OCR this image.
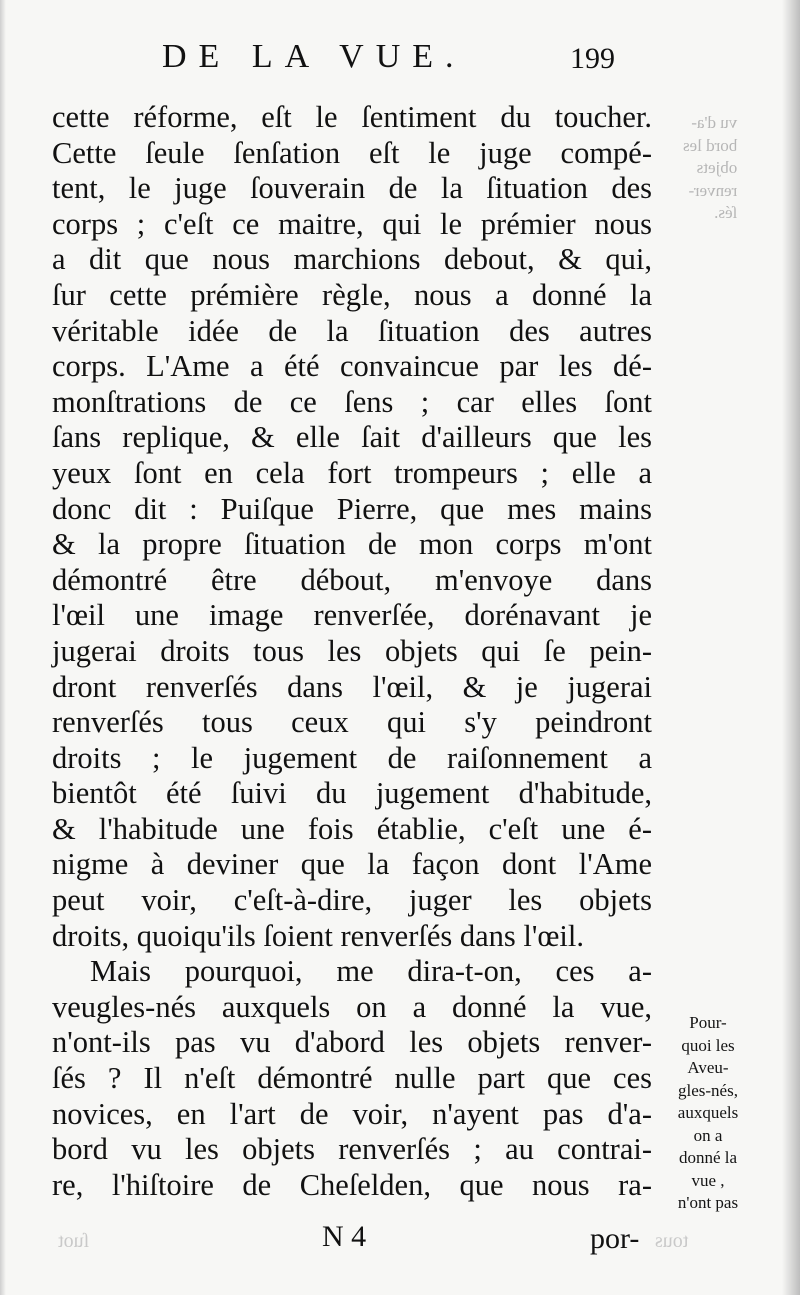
DE LA VUE.	199
vu d'a-
bord les
objets
renver-
ſés.
cette réforme, eſt le ſentiment du toucher.
Cette ſeule ſenſation eſt le juge compé-
tent, le juge ſouverain de la ſituation des
corps ; c'eſt ce maitre, qui le prémier nous
a dit que nous marchions debout, & qui,
ſur cette prémière règle, nous a donné la
véritable idée de la ſituation des autres
corps. L'Ame a été convaincue par les dé-
monſtrations de ce ſens ; car elles ſont
ſans replique, & elle ſait d'ailleurs que les
yeux ſont en cela fort trompeurs ; elle a
donc dit : Puiſque Pierre, que mes mains
& la propre ſituation de mon corps m'ont
démontré être débout, m'envoye dans
l'œil une image renverſée, dorénavant je
jugerai droits tous les objets qui ſe pein-
dront renverſés dans l'œil, & je jugerai
renverſés tous ceux qui s'y peindront
droits ; le jugement de raiſonnement a
bientôt été ſuivi du jugement d'habitude,
& l'habitude une fois établie, c'eſt une é-
nigme à deviner que la façon dont l'Ame
peut voir, c'eſt-à-dire, juger les objets
droits, quoiqu'ils ſoient renverſés dans l'œil.
Mais pourquoi, me dira-t-on, ces a-
veugles-nés auxquels on a donné la vue,
n'ont-ils pas vu d'abord les objets renver-
ſés ? Il n'eſt démontré nulle part que ces
novices, en l'art de voir, n'ayent pas d'a-
bord vu les objets renverſés ; au contrai-
re, l'hiſtoire de Cheſelden, que nous ra-
Pour-
quoi les
Aveu-
gles-nés,
auxquels
on a
donné la
vue ,
n'ont pas
ſuot	tous
N 4	por-
